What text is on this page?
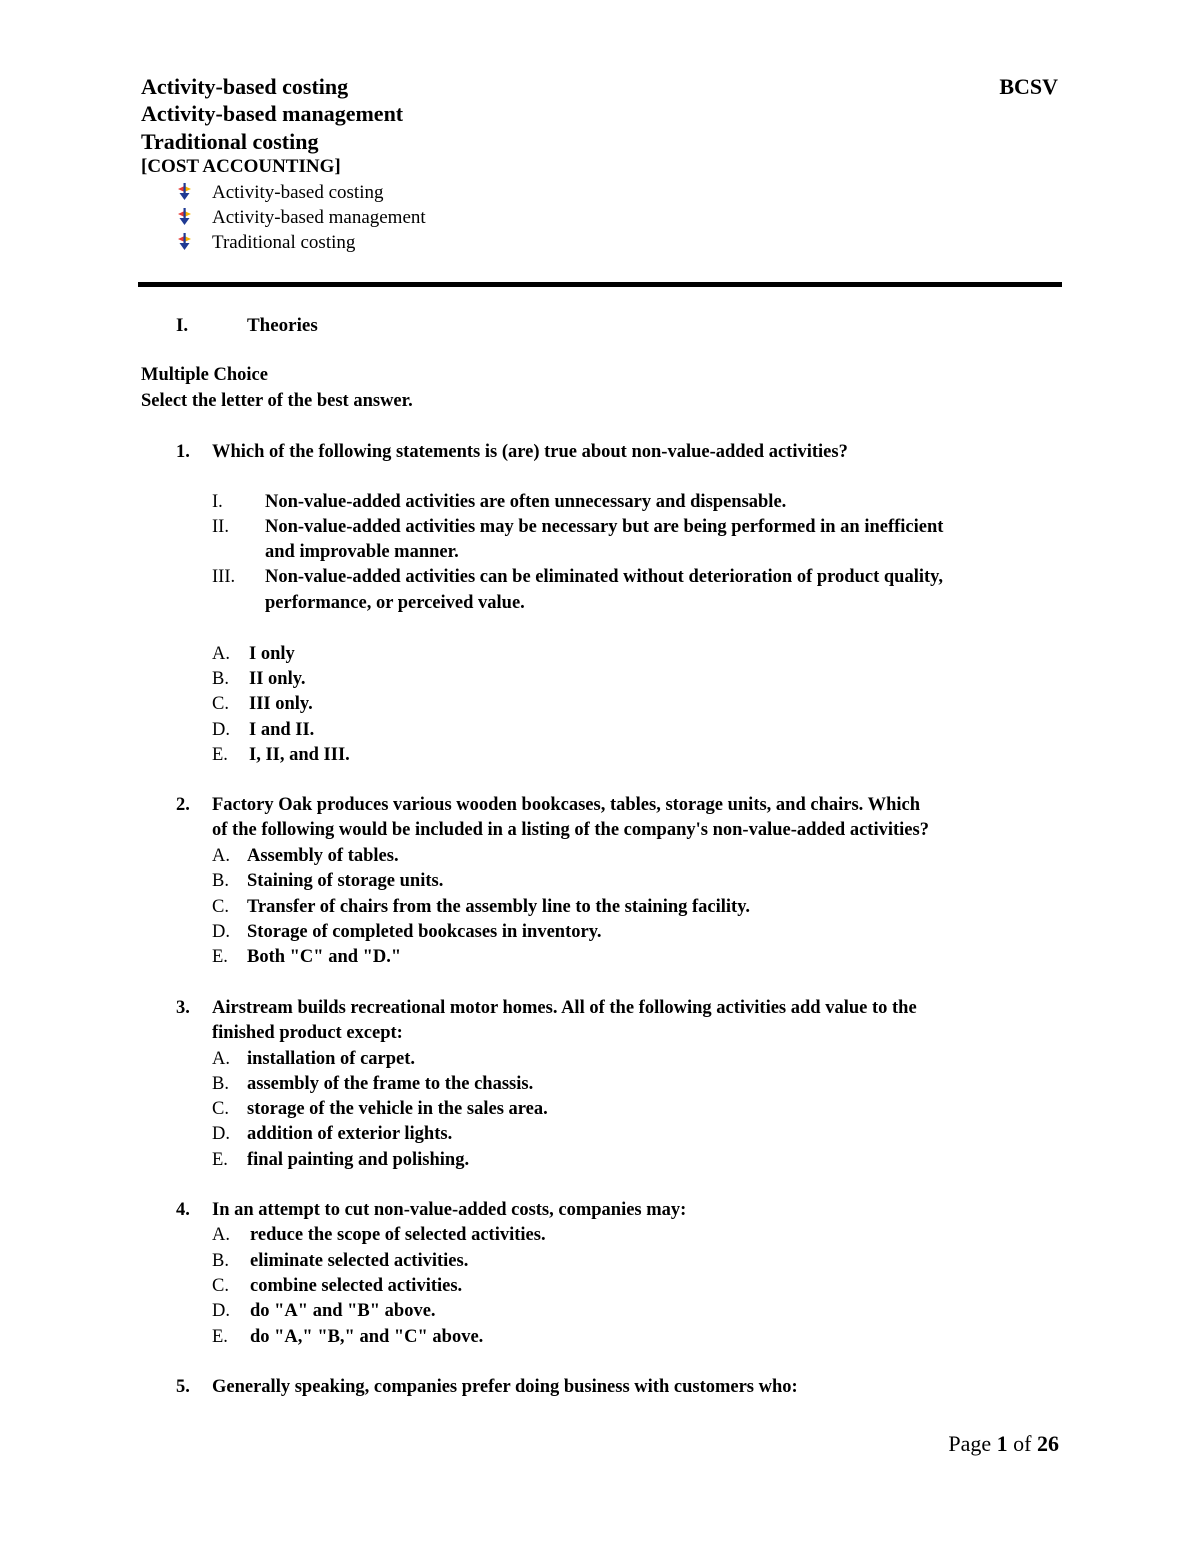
Activity-based costing
Activity-based management
Traditional costing
BCSV
[COST ACCOUNTING]
Activity-based costing
Activity-based management
Traditional costing
I.	Theories
Multiple Choice
Select the letter of the best answer.
1. Which of the following statements is (are) true about non-value-added activities?
I. Non-value-added activities are often unnecessary and dispensable.
II. Non-value-added activities may be necessary but are being performed in an inefficient
and improvable manner.
III. Non-value-added activities can be eliminated without deterioration of product quality,
performance, or perceived value.
A. I only
B. II only.
C. III only.
D. I and II.
E. I, II, and III.
2. Factory Oak produces various wooden bookcases, tables, storage units, and chairs. Which
of the following would be included in a listing of the company's non-value-added activities?
A. Assembly of tables.
B. Staining of storage units.
C. Transfer of chairs from the assembly line to the staining facility.
D. Storage of completed bookcases in inventory.
E. Both "C" and "D."
3. Airstream builds recreational motor homes. All of the following activities add value to the
finished product except:
A. installation of carpet.
B. assembly of the frame to the chassis.
C. storage of the vehicle in the sales area.
D. addition of exterior lights.
E. final painting and polishing.
4. In an attempt to cut non-value-added costs, companies may:
A. reduce the scope of selected activities.
B. eliminate selected activities.
C. combine selected activities.
D. do "A" and "B" above.
E. do "A," "B," and "C" above.
5. Generally speaking, companies prefer doing business with customers who:
Page 1 of 26
